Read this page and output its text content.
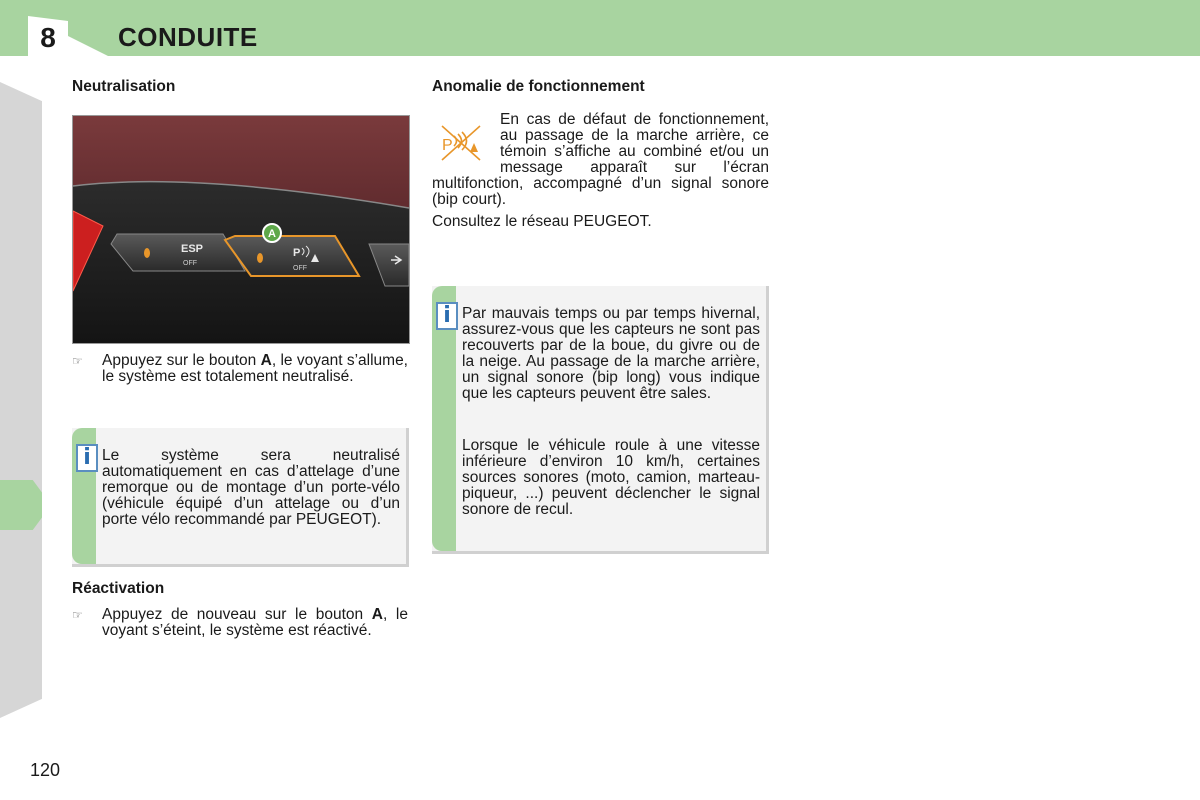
8	CONDUITE
Neutralisation
ESP
OFF
P
OFF
A
☞ Appuyez sur le bouton A, le voyant s’allume, le système est totalement neutralisé.
i Le système sera neutralisé automatiquement en cas d’attelage d’une remorque ou de montage d’un porte-vélo (véhicule équipé d’un attelage ou d’un porte vélo recommandé par PEUGEOT).
Réactivation
☞ Appuyez de nouveau sur le bouton A, le voyant s’éteint, le système est réactivé.
Anomalie de fonctionnement
P
En cas de défaut de fonctionnement, au passage de la marche arrière, ce témoin s’affiche au combiné et/ou un message apparaît sur l’écran multifonction, accompagné d’un signal sonore (bip court).
Consultez le réseau PEUGEOT.
i Par mauvais temps ou par temps hivernal, assurez-vous que les capteurs ne sont pas recouverts par de la boue, du givre ou de la neige. Au passage de la marche arrière, un signal sonore (bip long) vous indique que les capteurs peuvent être sales.
Lorsque le véhicule roule à une vitesse inférieure d’environ 10 km/h, certaines sources sonores (moto, camion, marteau-piqueur, ...) peuvent déclencher le signal sonore de recul.
120
